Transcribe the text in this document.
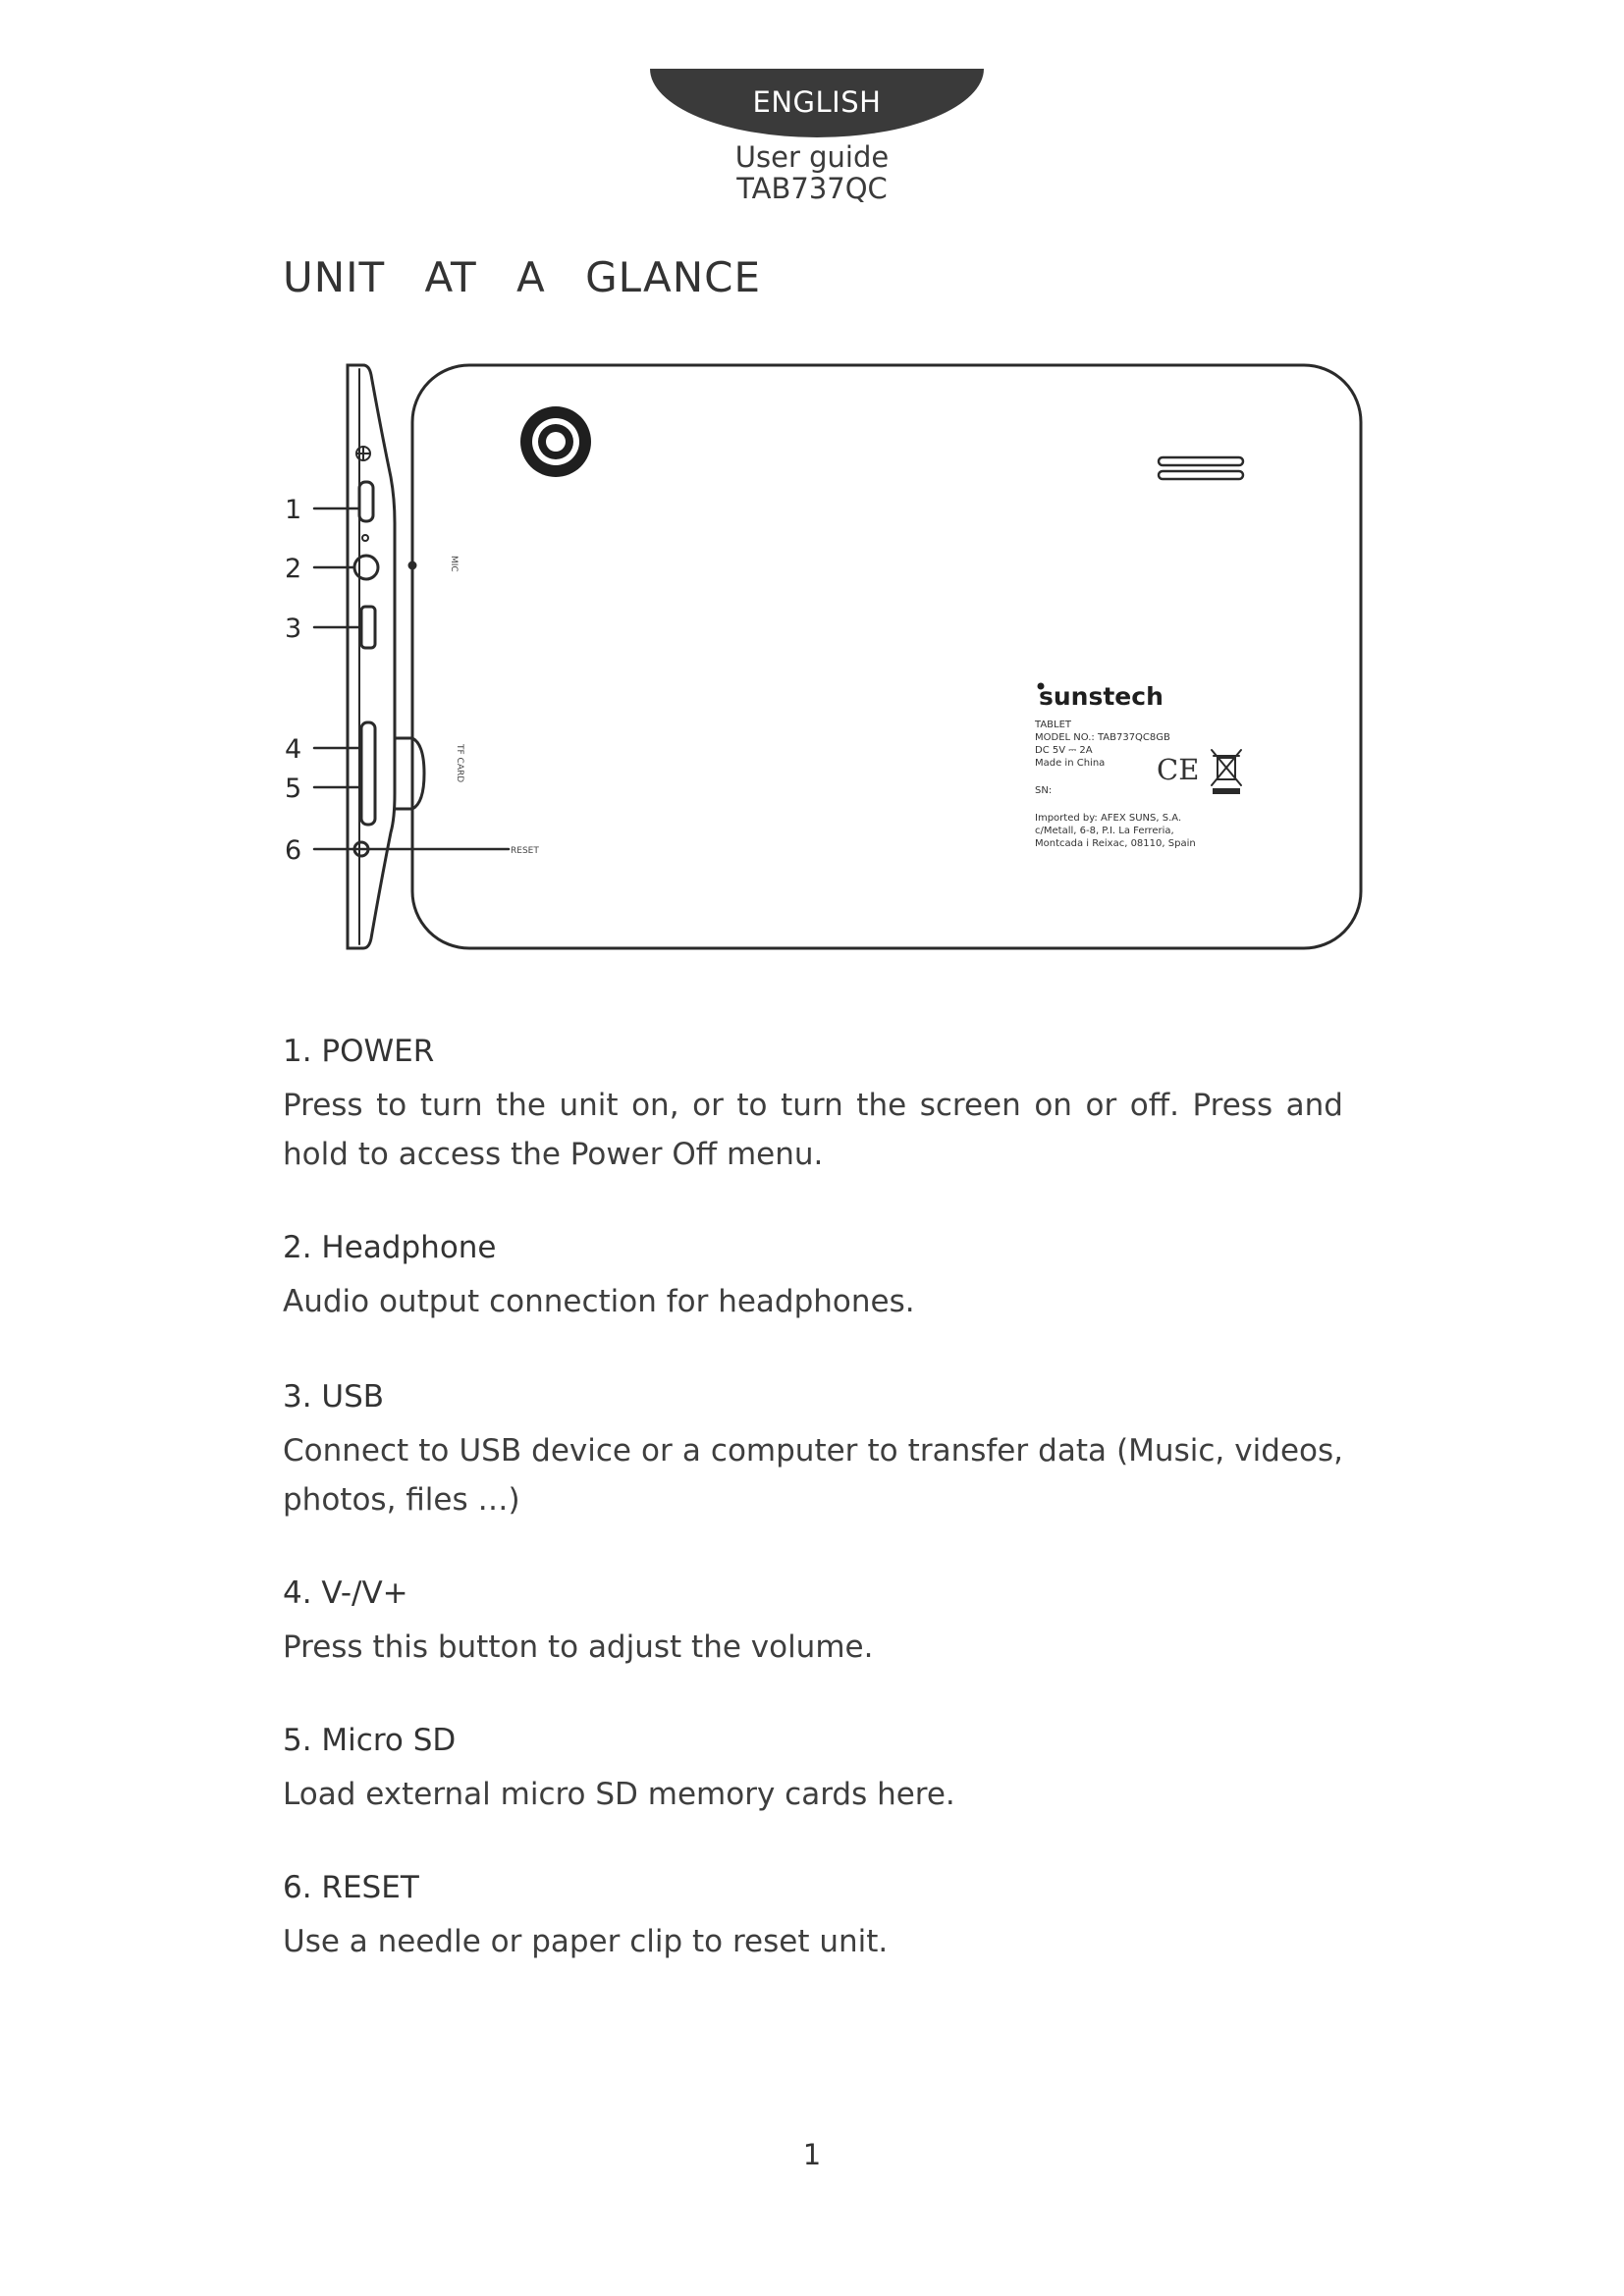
ENGLISH
User guide
TAB737QC
UNIT AT A GLANCE
1
2
3
4
5
6
MIC
TF CARD
RESET
sunstech
TABLET
MODEL NO.: TAB737QC8GB
DC 5V ⎓ 2A
Made in China CE
SN:
Imported by: AFEX SUNS, S.A.
c/Metall, 6-8, P.I. La Ferreria,
Montcada i Reixac, 08110, Spain
1. POWER
Press to turn the unit on, or to turn the screen on or off. Press and hold to access the Power Off menu.
2. Headphone
Audio output connection for headphones.
3. USB
Connect to USB device or a computer to transfer data (Music, videos, photos, files …)
4. V-/V+
Press this button to adjust the volume.
5. Micro SD
Load external micro SD memory cards here.
6. RESET
Use a needle or paper clip to reset unit.
1
